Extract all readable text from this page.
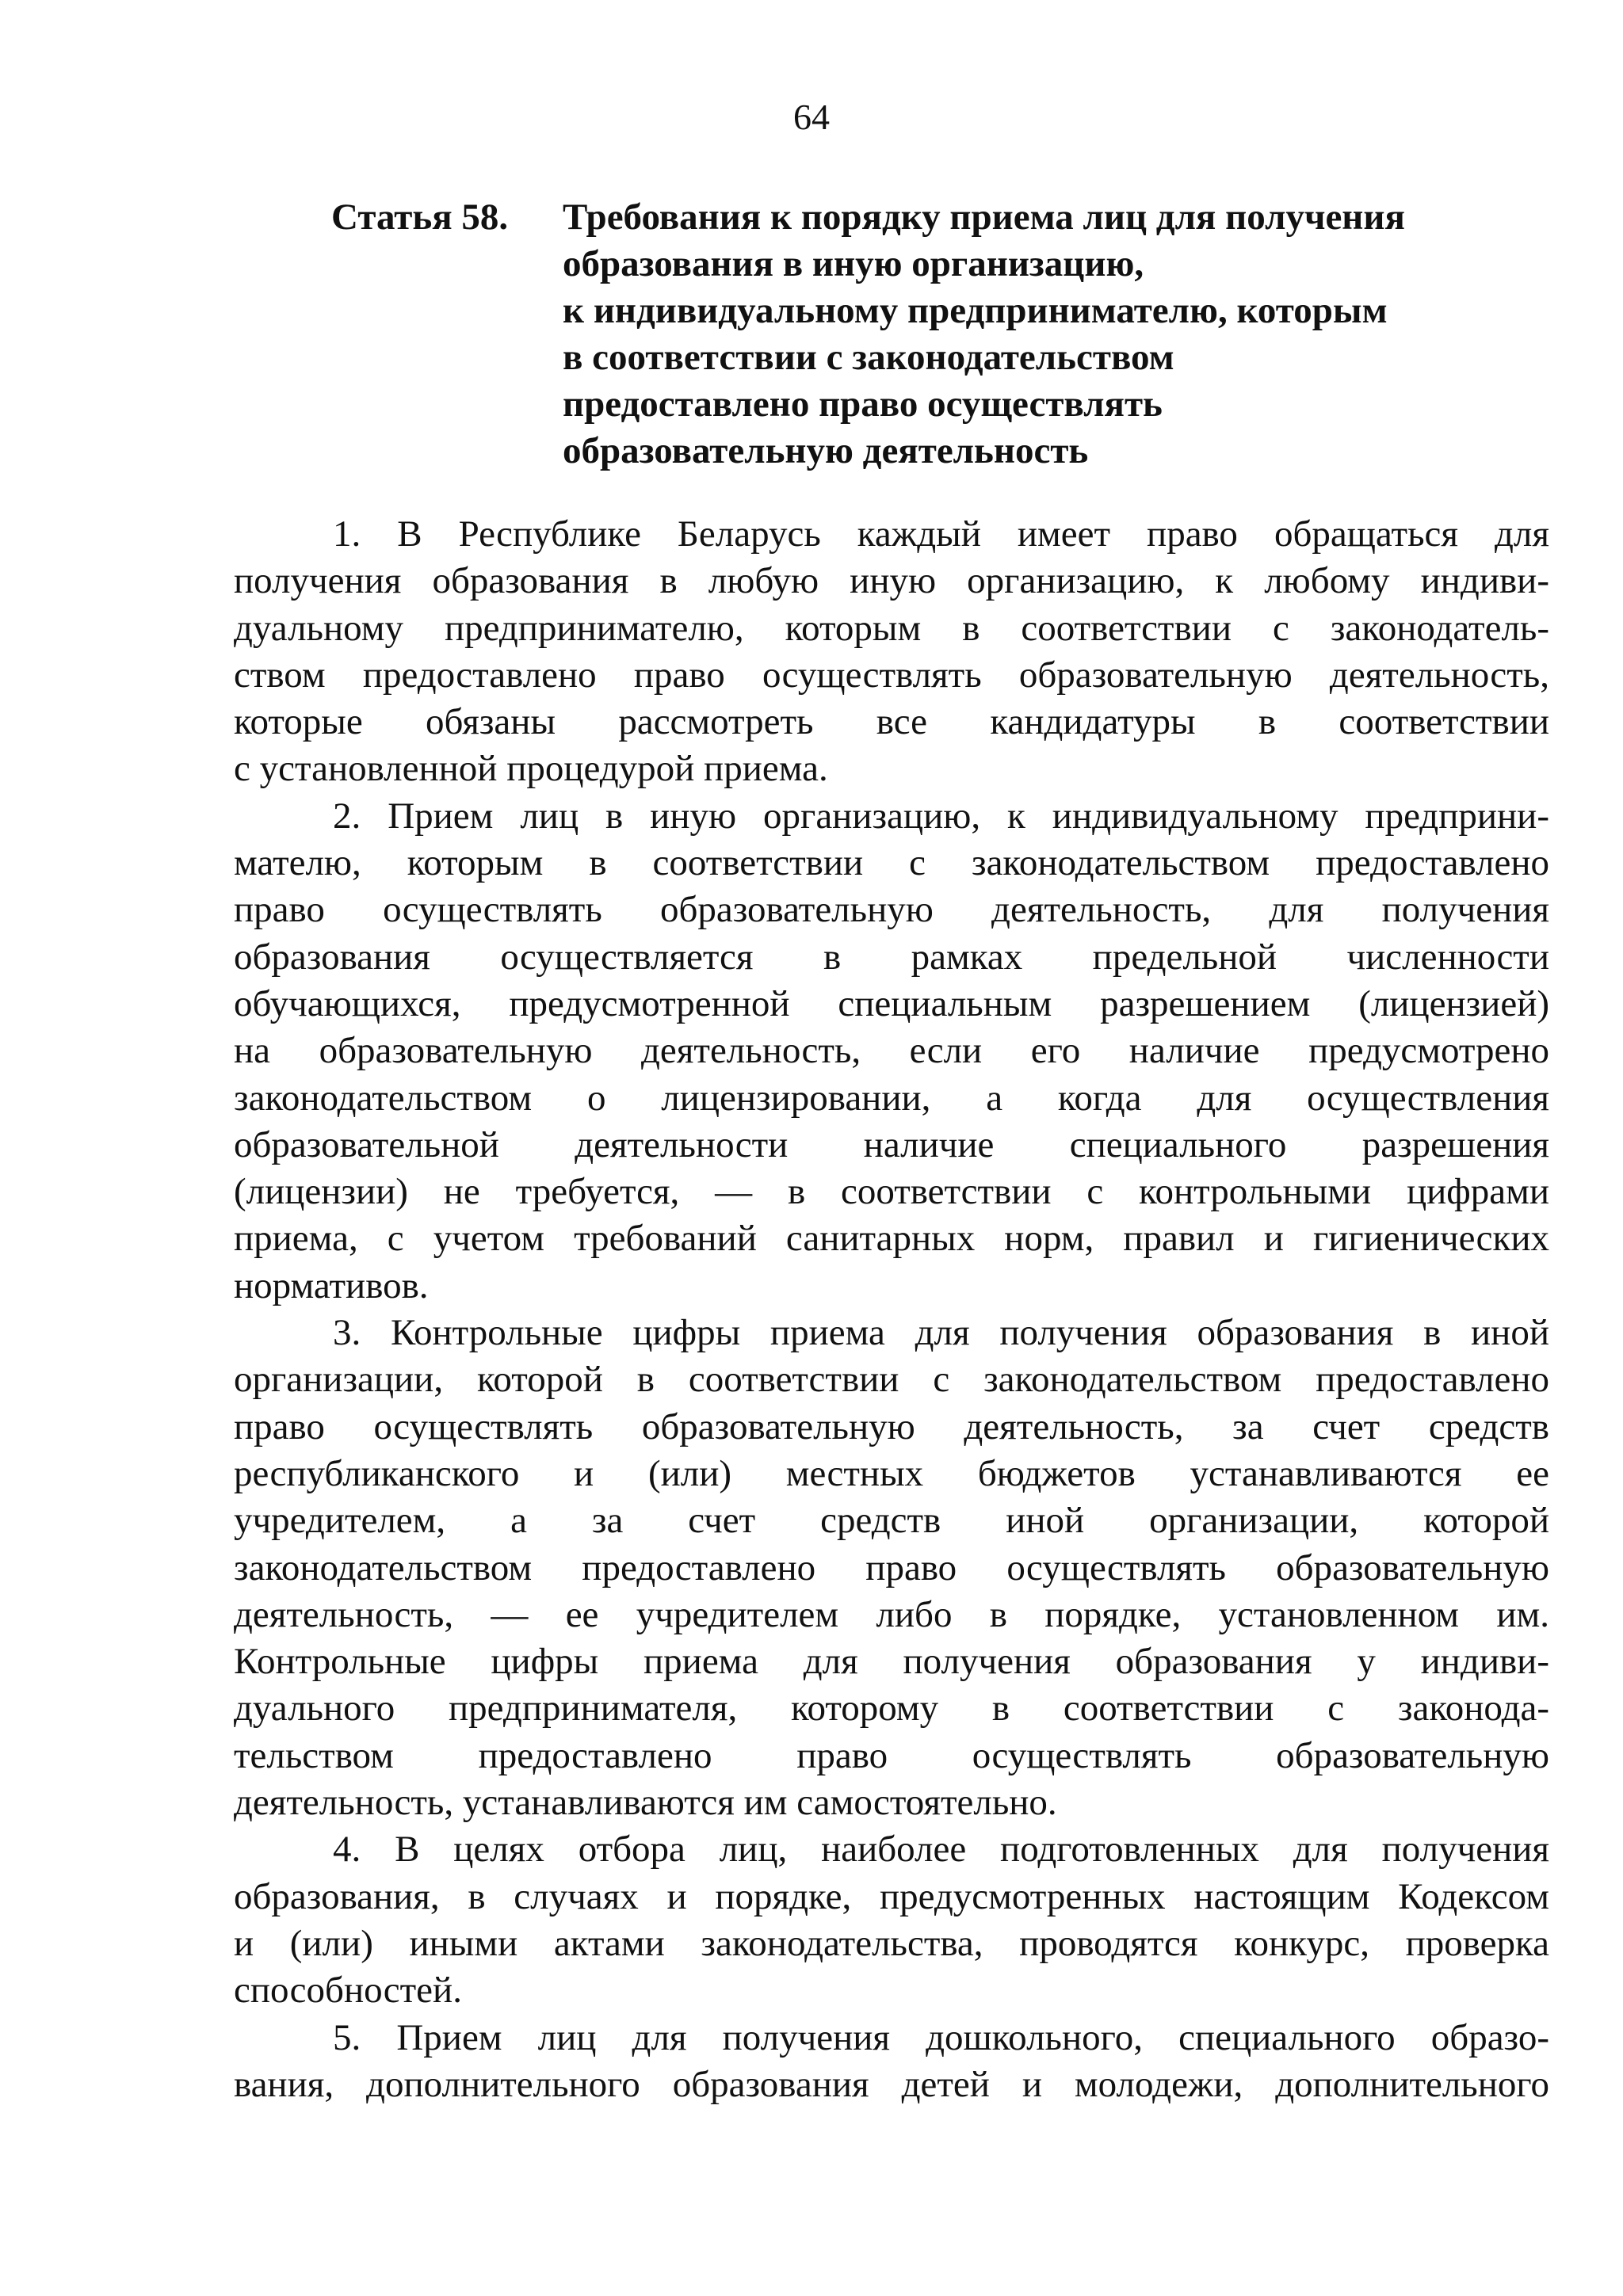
64
Статья 58.	Требования к порядку приема лиц для получения
образования в иную организацию,
к индивидуальному предпринимателю, которым
в соответствии с законодательством
предоставлено право осуществлять
образовательную деятельность
1. В Республике Беларусь каждый имеет право обращаться для
получения образования в любую иную организацию, к любому индиви-
дуальному предпринимателю, которым в соответствии с законодатель-
ством предоставлено право осуществлять образовательную деятельность,
которые обязаны рассмотреть все кандидатуры в соответствии
с установленной процедурой приема.
2. Прием лиц в иную организацию, к индивидуальному предприни-
мателю, которым в соответствии с законодательством предоставлено
право осуществлять образовательную деятельность, для получения
образования осуществляется в рамках предельной численности
обучающихся, предусмотренной специальным разрешением (лицензией)
на образовательную деятельность, если его наличие предусмотрено
законодательством о лицензировании, а когда для осуществления
образовательной деятельности наличие специального разрешения
(лицензии) не требуется, — в соответствии с контрольными цифрами
приема, с учетом требований санитарных норм, правил и гигиенических
нормативов.
3. Контрольные цифры приема для получения образования в иной
организации, которой в соответствии с законодательством предоставлено
право осуществлять образовательную деятельность, за счет средств
республиканского и (или) местных бюджетов устанавливаются ее
учредителем, а за счет средств иной организации, которой
законодательством предоставлено право осуществлять образовательную
деятельность, — ее учредителем либо в порядке, установленном им.
Контрольные цифры приема для получения образования у индиви-
дуального предпринимателя, которому в соответствии с законода-
тельством предоставлено право осуществлять образовательную
деятельность, устанавливаются им самостоятельно.
4. В целях отбора лиц, наиболее подготовленных для получения
образования, в случаях и порядке, предусмотренных настоящим Кодексом
и (или) иными актами законодательства, проводятся конкурс, проверка
способностей.
5. Прием лиц для получения дошкольного, специального образо-
вания, дополнительного образования детей и молодежи, дополнительного
